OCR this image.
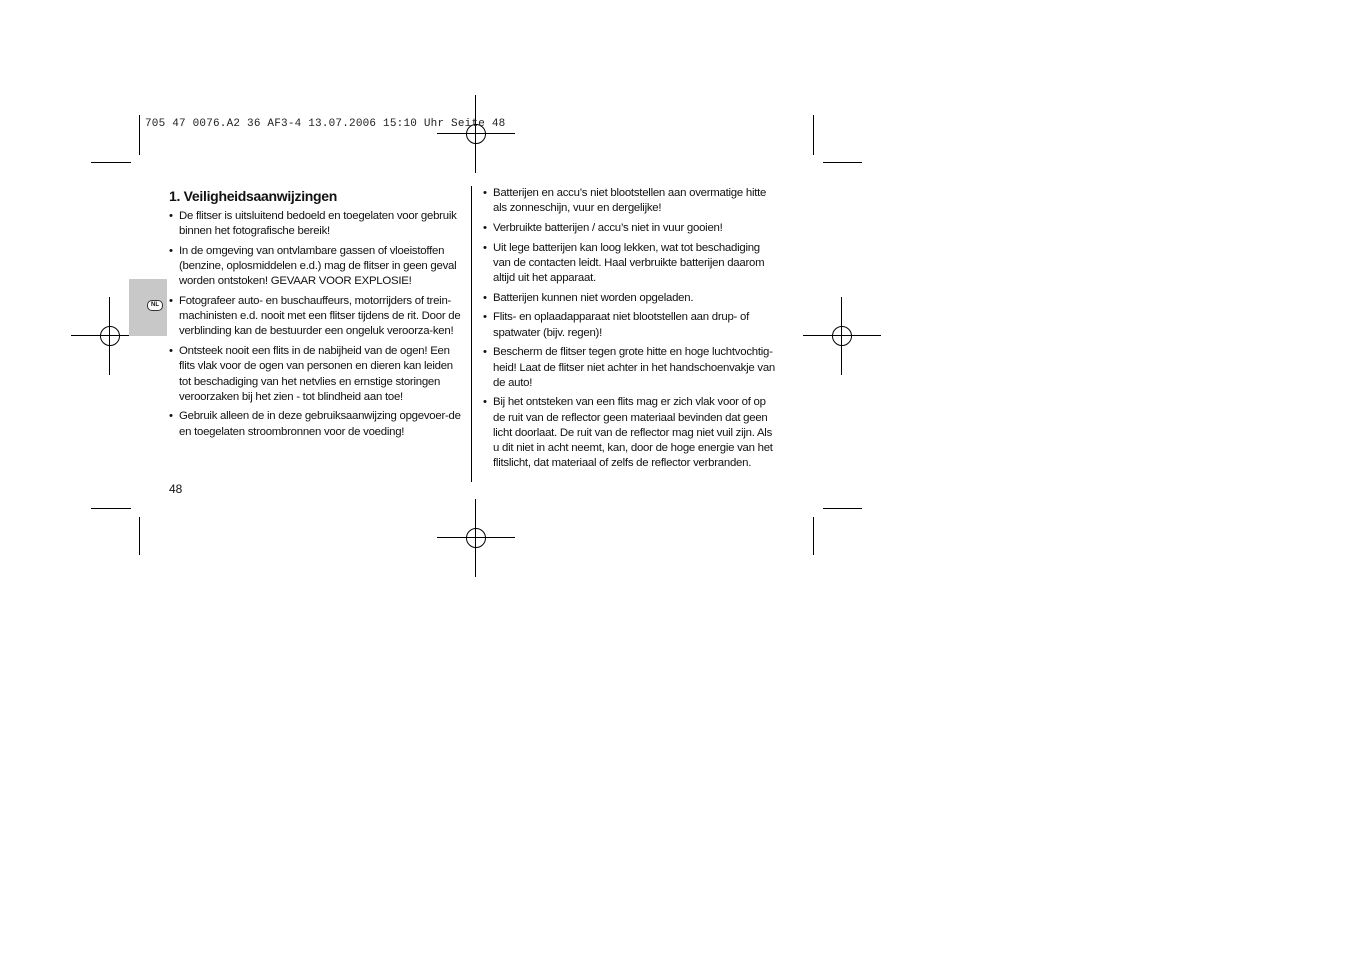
705 47 0076.A2 36 AF3-4 13.07.2006 15:10 Uhr Seite 48
NL
1. Veiligheidsaanwijzingen
• De flitser is uitsluitend bedoeld en toegelaten voor gebruik binnen het fotografische bereik!
• In de omgeving van ontvlambare gassen of vloeistoffen (benzine, oplosmiddelen e.d.) mag de flitser in geen geval worden ontstoken! GEVAAR VOOR EXPLOSIE!
• Fotografeer auto- en buschauffeurs, motorrijders of trein-machinisten e.d. nooit met een flitser tijdens de rit. Door de verblinding kan de bestuurder een ongeluk veroorza-ken!
• Ontsteek nooit een flits in de nabijheid van de ogen! Een flits vlak voor de ogen van personen en dieren kan leiden tot beschadiging van het netvlies en ernstige storingen veroorzaken bij het zien - tot blindheid aan toe!
• Gebruik alleen de in deze gebruiksaanwijzing opgevoer-de en toegelaten stroombronnen voor de voeding!
• Batterijen en accu’s niet blootstellen aan overmatige hitte als zonneschijn, vuur en dergelijke!
• Verbruikte batterijen / accu’s niet in vuur gooien!
• Uit lege batterijen kan loog lekken, wat tot beschadiging van de contacten leidt. Haal verbruikte batterijen daarom altijd uit het apparaat.
• Batterijen kunnen niet worden opgeladen.
• Flits- en oplaadapparaat niet blootstellen aan drup- of spatwater (bijv. regen)!
• Bescherm de flitser tegen grote hitte en hoge luchtvochtig-heid! Laat de flitser niet achter in het handschoenvakje van de auto!
• Bij het ontsteken van een flits mag er zich vlak voor of op de ruit van de reflector geen materiaal bevinden dat geen licht doorlaat. De ruit van de reflector mag niet vuil zijn. Als u dit niet in acht neemt, kan, door de hoge energie van het flitslicht, dat materiaal of zelfs de reflector verbranden.
48
